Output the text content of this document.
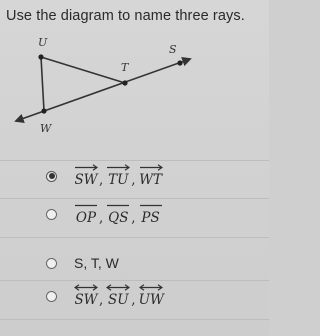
Use the diagram to name three rays.
U
S
T
W
SW , TU , WT
OP , QS , PS
S, T, W
SW , SU , UW
